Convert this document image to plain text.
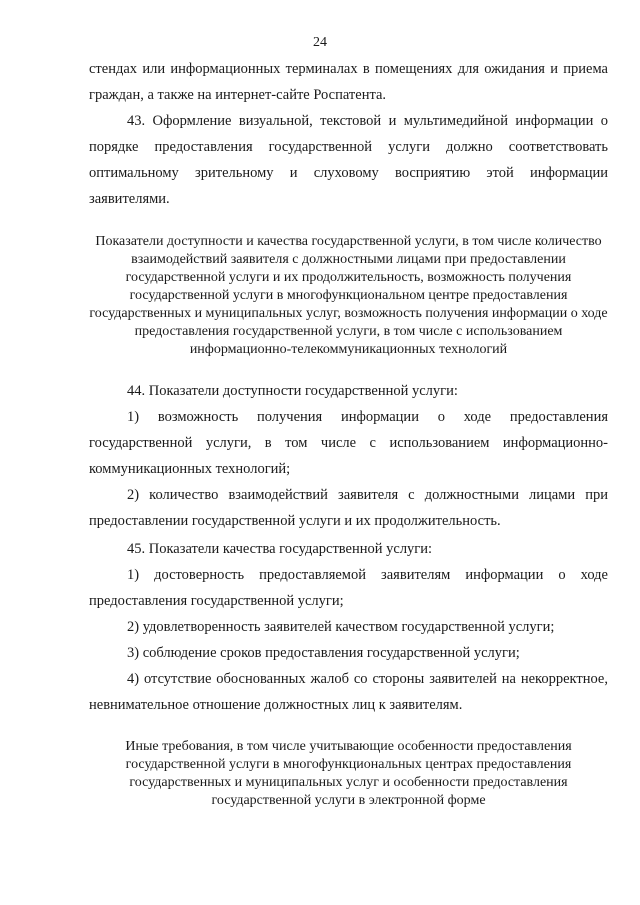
24
стендах или информационных терминалах в помещениях для ожидания и приема граждан, а также на интернет-сайте Роспатента.
43. Оформление визуальной, текстовой и мультимедийной информации о порядке предоставления государственной услуги должно соответствовать оптимальному зрительному и слуховому восприятию этой информации заявителями.
Показатели доступности и качества государственной услуги, в том числе количество взаимодействий заявителя с должностными лицами при предоставлении государственной услуги и их продолжительность, возможность получения государственной услуги в многофункциональном центре предоставления государственных и муниципальных услуг, возможность получения информации о ходе предоставления государственной услуги, в том числе с использованием информационно-телекоммуникационных технологий
44. Показатели доступности государственной услуги:
1) возможность получения информации о ходе предоставления государственной услуги, в том числе с использованием информационно-коммуникационных технологий;
2) количество взаимодействий заявителя с должностными лицами при предоставлении государственной услуги и их продолжительность.
45. Показатели качества государственной услуги:
1) достоверность предоставляемой заявителям информации о ходе предоставления государственной услуги;
2) удовлетворенность заявителей качеством государственной услуги;
3) соблюдение сроков предоставления государственной услуги;
4) отсутствие обоснованных жалоб со стороны заявителей на некорректное, невнимательное отношение должностных лиц к заявителям.
Иные требования, в том числе учитывающие особенности предоставления государственной услуги в многофункциональных центрах предоставления государственных и муниципальных услуг и особенности предоставления государственной услуги в электронной форме
